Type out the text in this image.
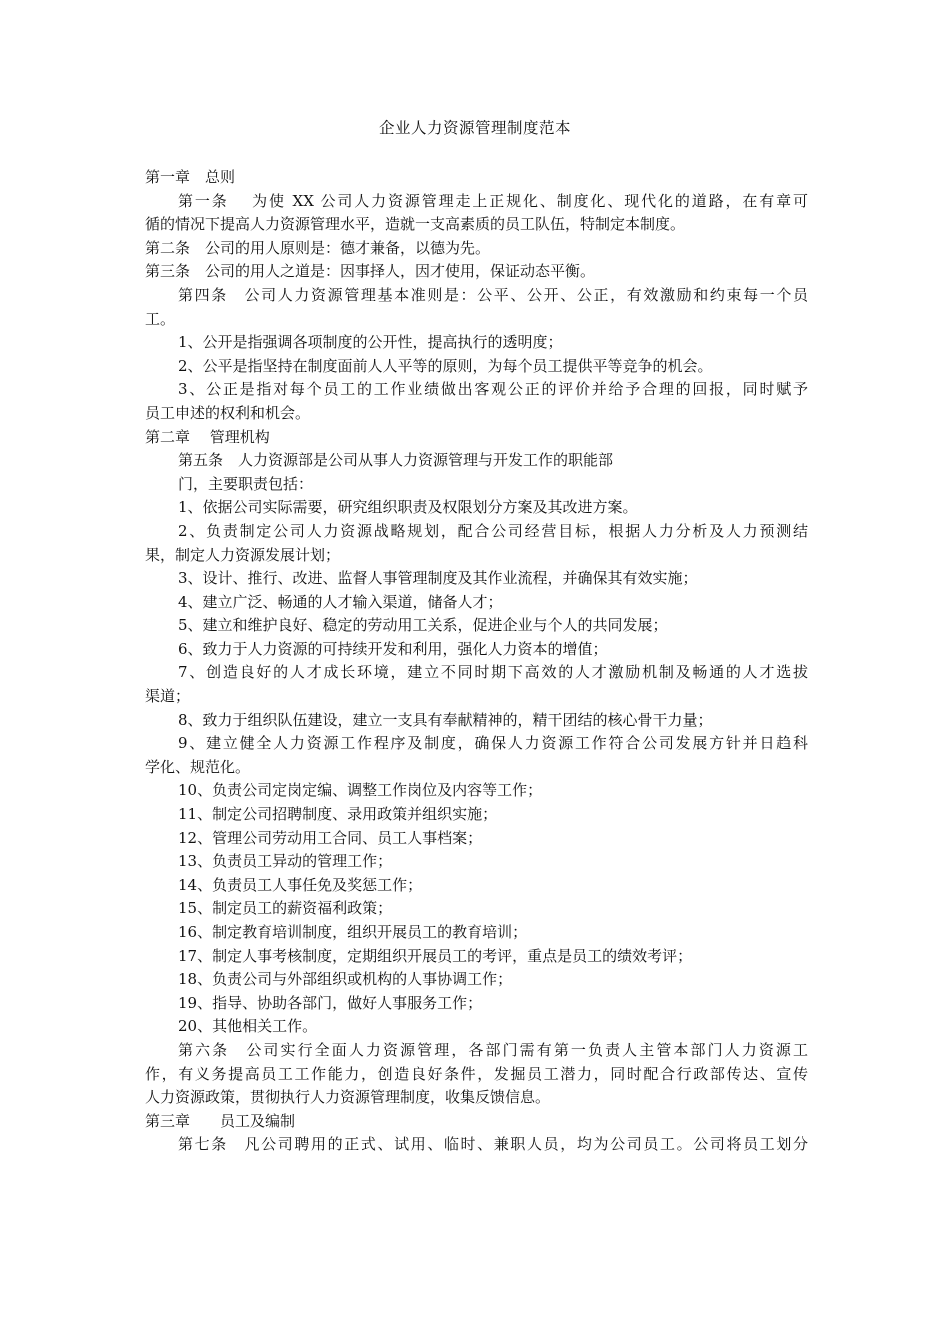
企业人力资源管理制度范本
第一章　总则
第一条　 为使 XX 公司人力资源管理走上正规化、制度化、现代化的道路，在有章可
循的情况下提高人力资源管理水平，造就一支高素质的员工队伍，特制定本制度。
第二条　公司的用人原则是：德才兼备，以德为先。
第三条　公司的用人之道是：因事择人，因才使用，保证动态平衡。
第四条　公司人力资源管理基本准则是：公平、公开、公正，有效激励和约束每一个员
工。
1、公开是指强调各项制度的公开性，提高执行的透明度；
2、公平是指坚持在制度面前人人平等的原则，为每个员工提供平等竞争的机会。
3、公正是指对每个员工的工作业绩做出客观公正的评价并给予合理的回报，同时赋予
员工申述的权利和机会。
第二章　 管理机构
第五条　人力资源部是公司从事人力资源管理与开发工作的职能部
门，主要职责包括：
1、依据公司实际需要，研究组织职责及权限划分方案及其改进方案。
2、负责制定公司人力资源战略规划，配合公司经营目标，根据人力分析及人力预测结
果，制定人力资源发展计划；
3、设计、推行、改进、监督人事管理制度及其作业流程，并确保其有效实施；
4、建立广泛、畅通的人才输入渠道，储备人才；
5、建立和维护良好、稳定的劳动用工关系，促进企业与个人的共同发展；
6、致力于人力资源的可持续开发和利用，强化人力资本的增值；
7、创造良好的人才成长环境，建立不同时期下高效的人才激励机制及畅通的人才选拔
渠道；
8、致力于组织队伍建设，建立一支具有奉献精神的，精干团结的核心骨干力量；
9、建立健全人力资源工作程序及制度，确保人力资源工作符合公司发展方针并日趋科
学化、规范化。
10、负责公司定岗定编、调整工作岗位及内容等工作；
11、制定公司招聘制度、录用政策并组织实施；
12、管理公司劳动用工合同、员工人事档案；
13、负责员工异动的管理工作；
14、负责员工人事任免及奖惩工作；
15、制定员工的薪资福利政策；
16、制定教育培训制度，组织开展员工的教育培训；
17、制定人事考核制度，定期组织开展员工的考评，重点是员工的绩效考评；
18、负责公司与外部组织或机构的人事协调工作；
19、指导、协助各部门，做好人事服务工作；
20、其他相关工作。
第六条　公司实行全面人力资源管理，各部门需有第一负责人主管本部门人力资源工
作，有义务提高员工工作能力，创造良好条件，发掘员工潜力，同时配合行政部传达、宣传
人力资源政策，贯彻执行人力资源管理制度，收集反馈信息。
第三章　　员工及编制
第七条　凡公司聘用的正式、试用、临时、兼职人员，均为公司员工。公司将员工划分
